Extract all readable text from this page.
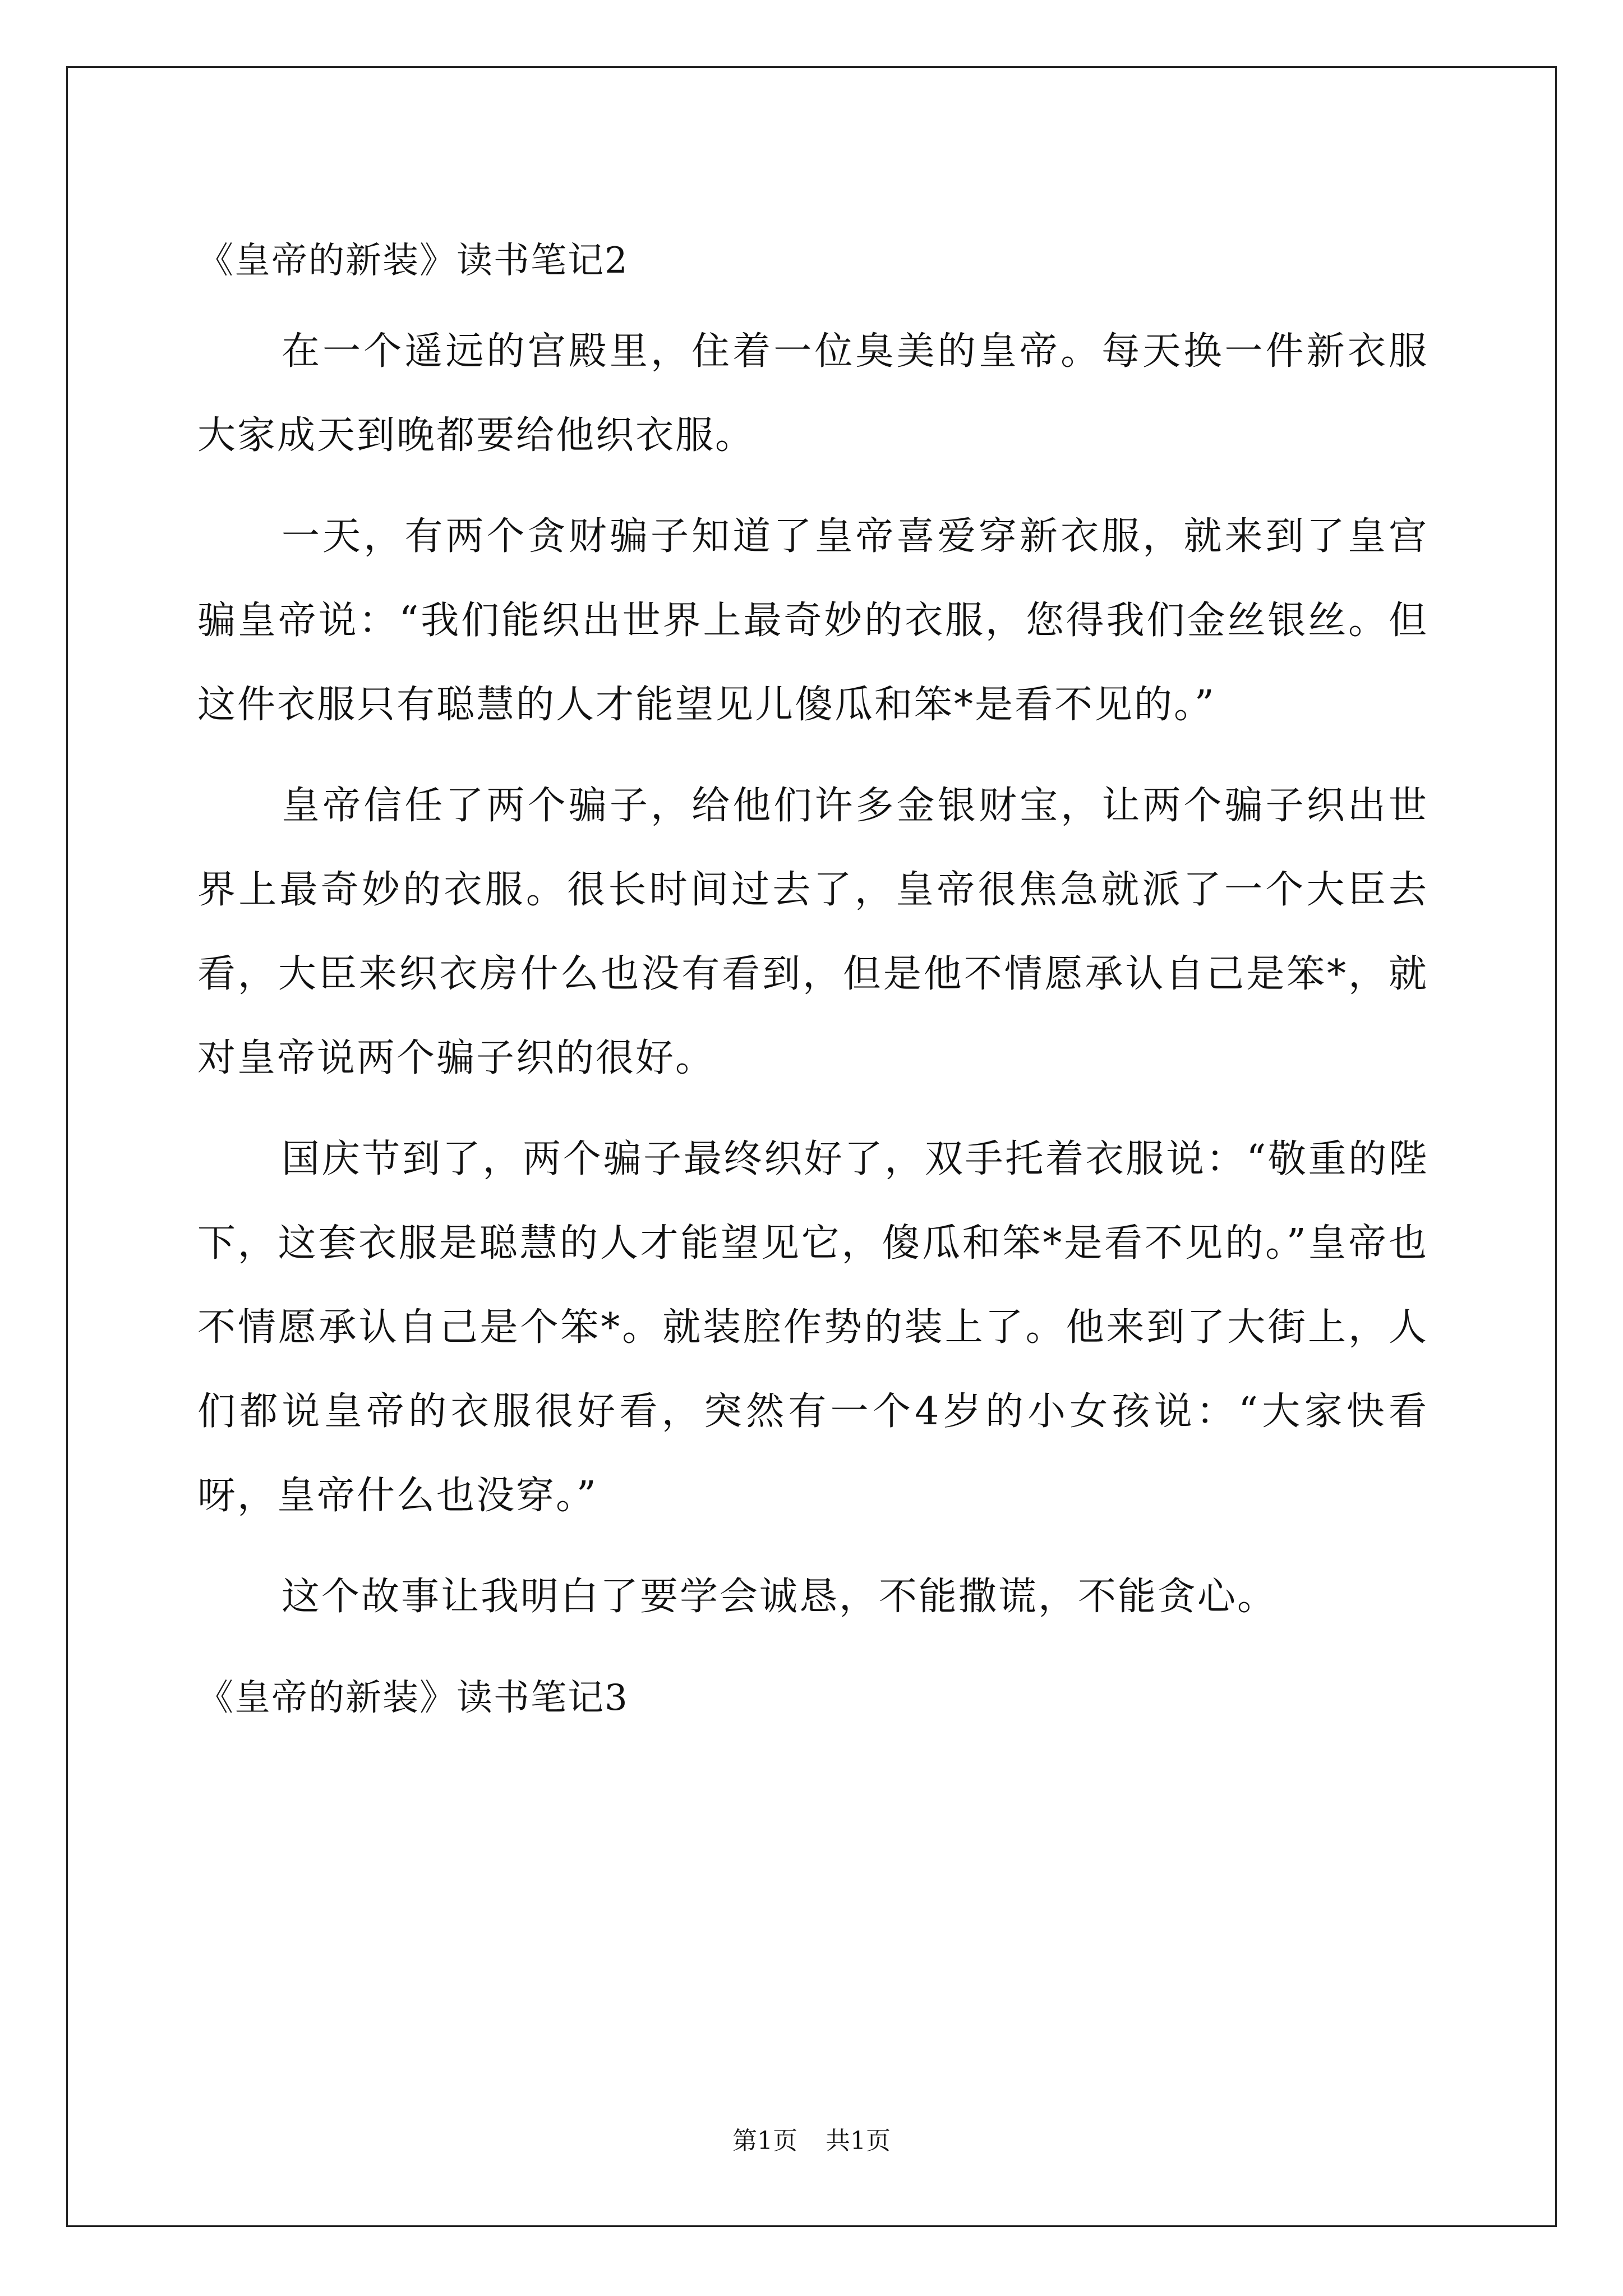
《皇帝的新装》读书笔记2

在一个遥远的宫殿里，住着一位臭美的皇帝。每天换一件新衣服大家成天到晚都要给他织衣服。

一天，有两个贪财骗子知道了皇帝喜爱穿新衣服，就来到了皇宫骗皇帝说：“我们能织出世界上最奇妙的衣服，您得我们金丝银丝。但这件衣服只有聪慧的人才能望见儿傻瓜和笨*是看不见的。”

皇帝信任了两个骗子，给他们许多金银财宝，让两个骗子织出世界上最奇妙的衣服。很长时间过去了，皇帝很焦急就派了一个大臣去看，大臣来织衣房什么也没有看到，但是他不情愿承认自己是笨*，就对皇帝说两个骗子织的很好。

国庆节到了，两个骗子最终织好了，双手托着衣服说：“敬重的陛下，这套衣服是聪慧的人才能望见它，傻瓜和笨*是看不见的。”皇帝也不情愿承认自己是个笨*。就装腔作势的装上了。他来到了大街上，人们都说皇帝的衣服很好看，突然有一个4岁的小女孩说：“大家快看呀，皇帝什么也没穿。”

这个故事让我明白了要学会诚恳，不能撒谎，不能贪心。

《皇帝的新装》读书笔记3
第1页 共1页
